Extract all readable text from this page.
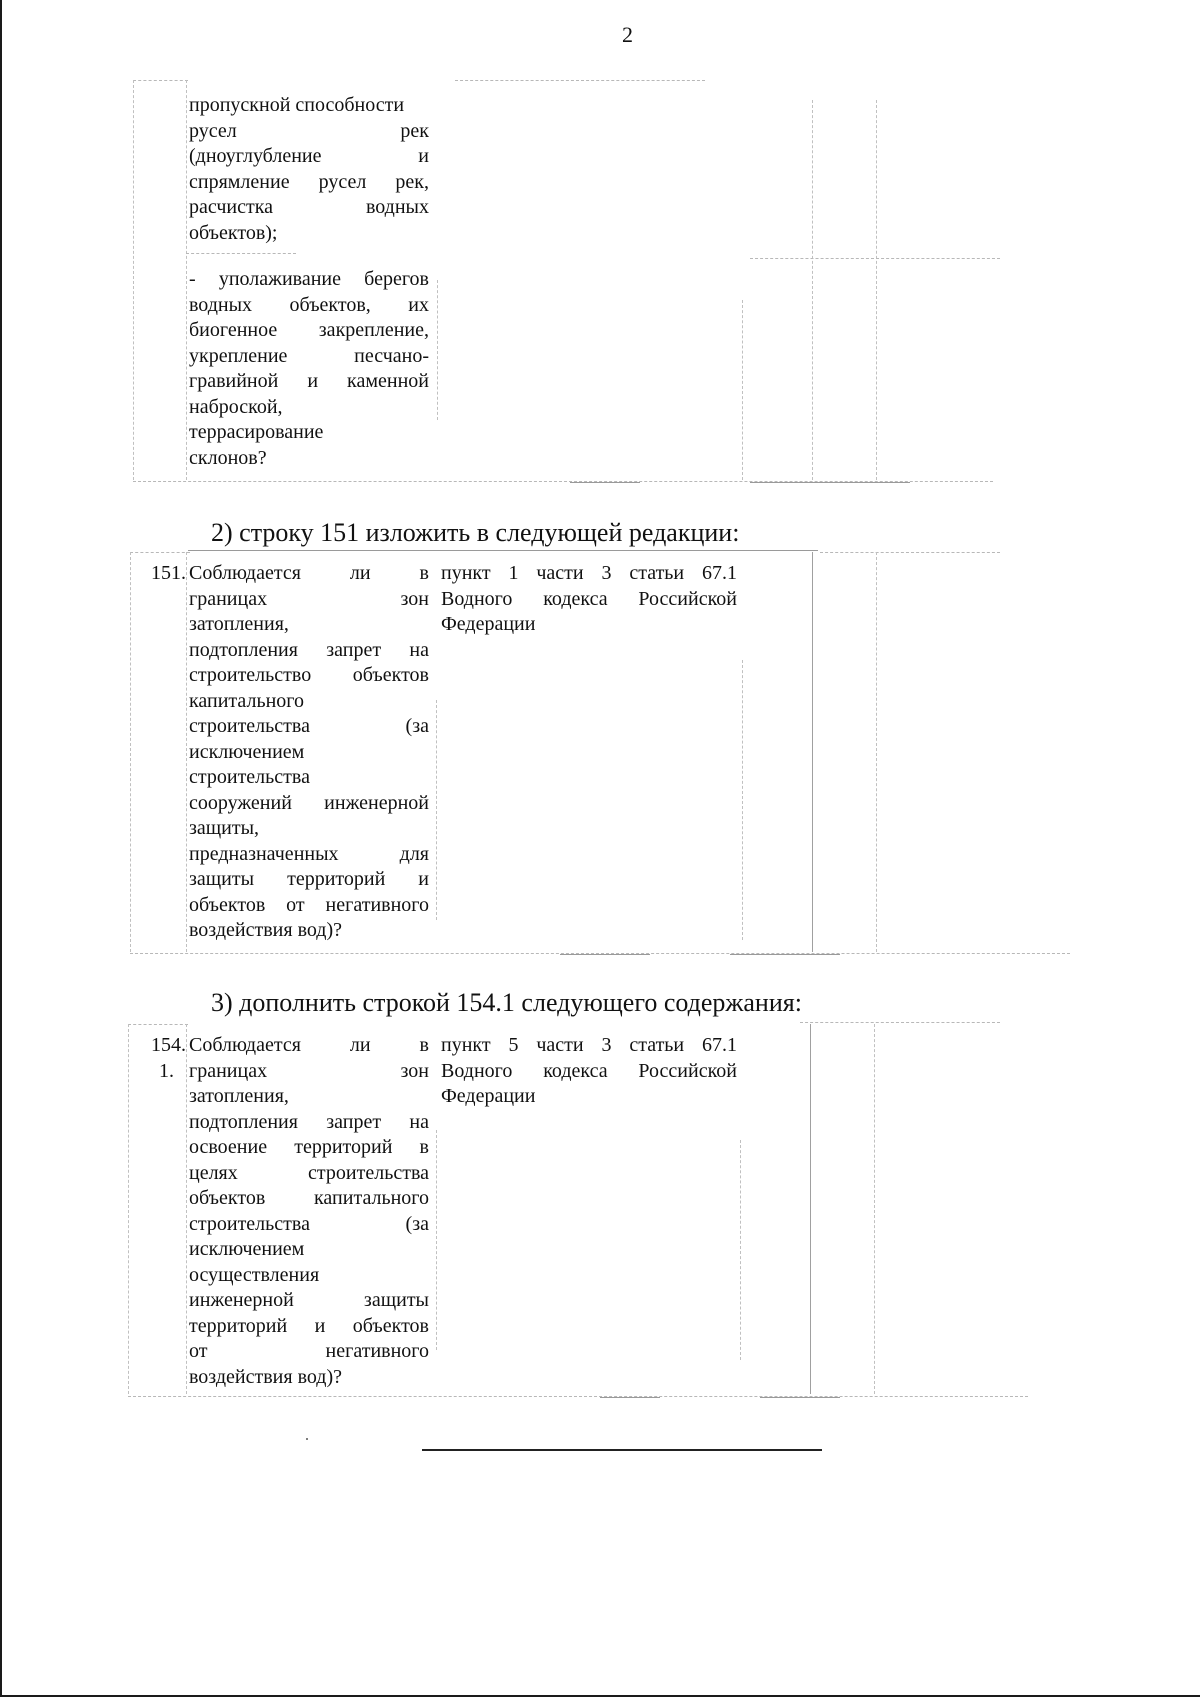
2
пропускной способности
русел рек
(дноуглубление и
спрямление русел рек,
расчистка водных
объектов);
- уполаживание берегов
водных объектов, их
биогенное закрепление,
укрепление песчано-
гравийной и каменной
наброской,
террасирование
склонов?
2) строку 151 изложить в следующей редакции:
151. Соблюдается ли в
границах зон
затопления,
подтопления запрет на
строительство объектов
капитального
строительства (за
исключением
строительства
сооружений инженерной
защиты,
предназначенных для
защиты территорий и
объектов от негативного
воздействия вод)?
пункт 1 части 3 статьи 67.1
Водного кодекса Российской
Федерации
3) дополнить строкой 154.1 следующего содержания:
154.
1.
Соблюдается ли в
границах зон
затопления,
подтопления запрет на
освоение территорий в
целях строительства
объектов капитального
строительства (за
исключением
осуществления
инженерной защиты
территорий и объектов
от негативного
воздействия вод)?
пункт 5 части 3 статьи 67.1
Водного кодекса Российской
Федерации
